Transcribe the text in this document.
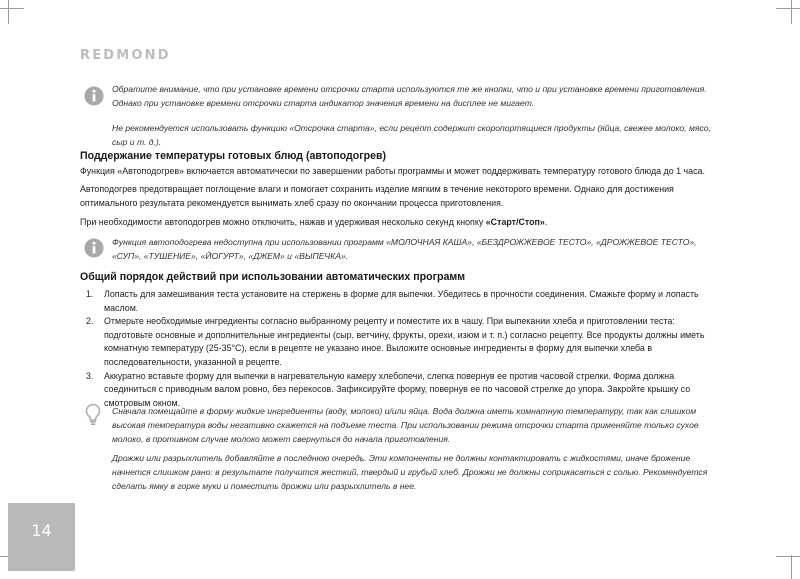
REDMOND

Обратите внимание, что при установке времени отсрочки старта используются те же кнопки, что и при установке времени приготовления. Однако при установке времени отсрочки старта индикатор значения времени на дисплее не мигает.

Не рекомендуется использовать функцию «Отсрочка старта», если рецепт содержит скоропортящиеся продукты (яйца, свежее молоко, мясо, сыр и т. д.).

Поддержание температуры готовых блюд (автоподогрев)

Функция «Автоподогрев» включается автоматически по завершении работы программы и может поддерживать температуру готового блюда до 1 часа.

Автоподогрев предотвращает поглощение влаги и помогает сохранить изделие мягким в течение некоторого времени. Однако для достижения оптимального результата рекомендуется вынимать хлеб сразу по окончании процесса приготовления.

При необходимости автоподогрев можно отключить, нажав и удерживая несколько секунд кнопку «Старт/Стоп».

Функция автоподогрева недоступна при использовании программ «МОЛОЧНАЯ КАША», «БЕЗДРОЖЖЕВОЕ ТЕСТО», «ДРОЖЖЕВОЕ ТЕСТО», «СУП», «ТУШЕНИЕ», «ЙОГУРТ», «ДЖЕМ» и «ВЫПЕЧКА».
Общий порядок действий при использовании автоматических программ
1. Лопасть для замешивания теста установите на стержень в форме для выпечки. Убедитесь в прочности соединения. Смажьте форму и лопасть маслом.
2. Отмерьте необходимые ингредиенты согласно выбранному рецепту и поместите их в чашу. При выпекании хлеба и приготовлении теста: подготовьте основные и дополнительные ингредиенты (сыр, ветчину, фрукты, орехи, изюм и т. п.) согласно рецепту. Все продукты должны иметь комнатную температуру (25-35°С), если в рецепте не указано иное. Выложите основные ингредиенты в форму для выпечки хлеба в последовательности, указанной в рецепте.
3. Аккуратно вставьте форму для выпечки в нагревательную камеру хлебопечи, слегка повернув ее против часовой стрелки. Форма должна соединиться с приводным валом ровно, без перекосов. Зафиксируйте форму, повернув ее по часовой стрелке до упора. Закройте крышку со смотровым окном.

Сначала помещайте в форму жидкие ингредиенты (воду, молоко) и/или яйца. Вода должна иметь комнатную температуру, так как слишком высокая температура воды негативно скажется на подъеме теста. При использовании режима отсрочки старта применяйте только сухое молоко, в противном случае молоко может свернуться до начала приготовления.

Дрожжи или разрыхлитель добавляйте в последнюю очередь. Эти компоненты не должны контактировать с жидкостями, иначе брожение начнется слишком рано: в результате получится жесткий, твердый и грубый хлеб. Дрожжи не должны соприкасаться с солью. Рекомендуется сделать ямку в горке муки и поместить дрожжи или разрыхлитель в нее.

14
